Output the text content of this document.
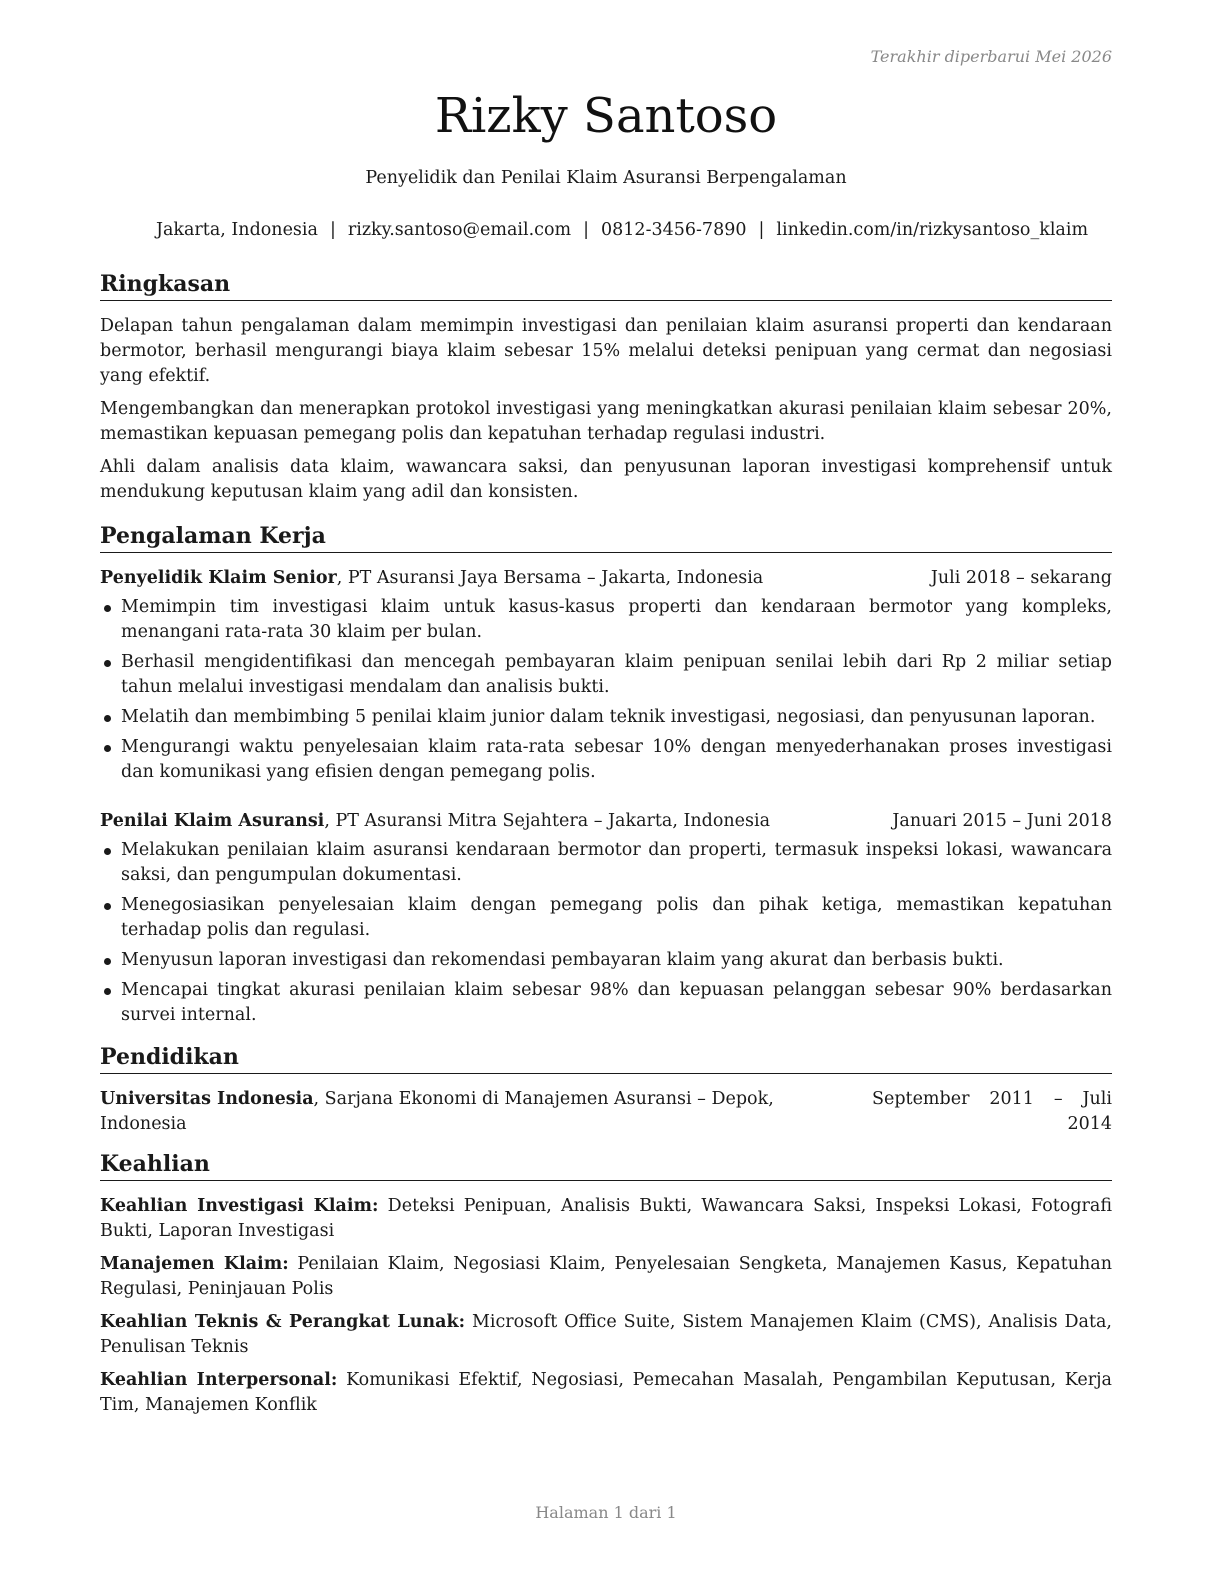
Terakhir diperbarui Mei 2026
Rizky Santoso
Penyelidik dan Penilai Klaim Asuransi Berpengalaman
Jakarta, Indonesia | rizky.santoso@email.com | 0812-3456-7890 | linkedin.com/in/rizkysantoso_klaim
Ringkasan

Delapan tahun pengalaman dalam memimpin investigasi dan penilaian klaim asuransi properti dan kendaraan bermotor, berhasil mengurangi biaya klaim sebesar 15% melalui deteksi penipuan yang cermat dan negosiasi yang efektif.

Mengembangkan dan menerapkan protokol investigasi yang meningkatkan akurasi penilaian klaim sebesar 20%, memastikan kepuasan pemegang polis dan kepatuhan terhadap regulasi industri.

Ahli dalam analisis data klaim, wawancara saksi, dan penyusunan laporan investigasi komprehensif untuk mendukung keputusan klaim yang adil dan konsisten.

Pengalaman Kerja
Penyelidik Klaim Senior, PT Asuransi Jaya Bersama – Jakarta, Indonesia	Juli 2018 – sekarang
Memimpin tim investigasi klaim untuk kasus-kasus properti dan kendaraan bermotor yang kompleks, menangani rata-rata 30 klaim per bulan.
Berhasil mengidentifikasi dan mencegah pembayaran klaim penipuan senilai lebih dari Rp 2 miliar setiap tahun melalui investigasi mendalam dan analisis bukti.
Melatih dan membimbing 5 penilai klaim junior dalam teknik investigasi, negosiasi, dan penyusunan laporan.
Mengurangi waktu penyelesaian klaim rata-rata sebesar 10% dengan menyederhanakan proses investigasi dan komunikasi yang efisien dengan pemegang polis.
Penilai Klaim Asuransi, PT Asuransi Mitra Sejahtera – Jakarta, Indonesia	Januari 2015 – Juni 2018
Melakukan penilaian klaim asuransi kendaraan bermotor dan properti, termasuk inspeksi lokasi, wawancara saksi, dan pengumpulan dokumentasi.
Menegosiasikan penyelesaian klaim dengan pemegang polis dan pihak ketiga, memastikan kepatuhan terhadap polis dan regulasi.
Menyusun laporan investigasi dan rekomendasi pembayaran klaim yang akurat dan berbasis bukti.
Mencapai tingkat akurasi penilaian klaim sebesar 98% dan kepuasan pelanggan sebesar 90% berdasarkan survei internal.
Pendidikan
Universitas Indonesia, Sarjana Ekonomi di Manajemen Asuransi – Depok, Indonesia
September 2011 – Juli 2014
Keahlian

Keahlian Investigasi Klaim: Deteksi Penipuan, Analisis Bukti, Wawancara Saksi, Inspeksi Lokasi, Fotografi Bukti, Laporan Investigasi

Manajemen Klaim: Penilaian Klaim, Negosiasi Klaim, Penyelesaian Sengketa, Manajemen Kasus, Kepatuhan Regulasi, Peninjauan Polis

Keahlian Teknis & Perangkat Lunak: Microsoft Office Suite, Sistem Manajemen Klaim (CMS), Analisis Data, Penulisan Teknis

Keahlian Interpersonal: Komunikasi Efektif, Negosiasi, Pemecahan Masalah, Pengambilan Keputusan, Kerja Tim, Manajemen Konflik

Halaman 1 dari 1
